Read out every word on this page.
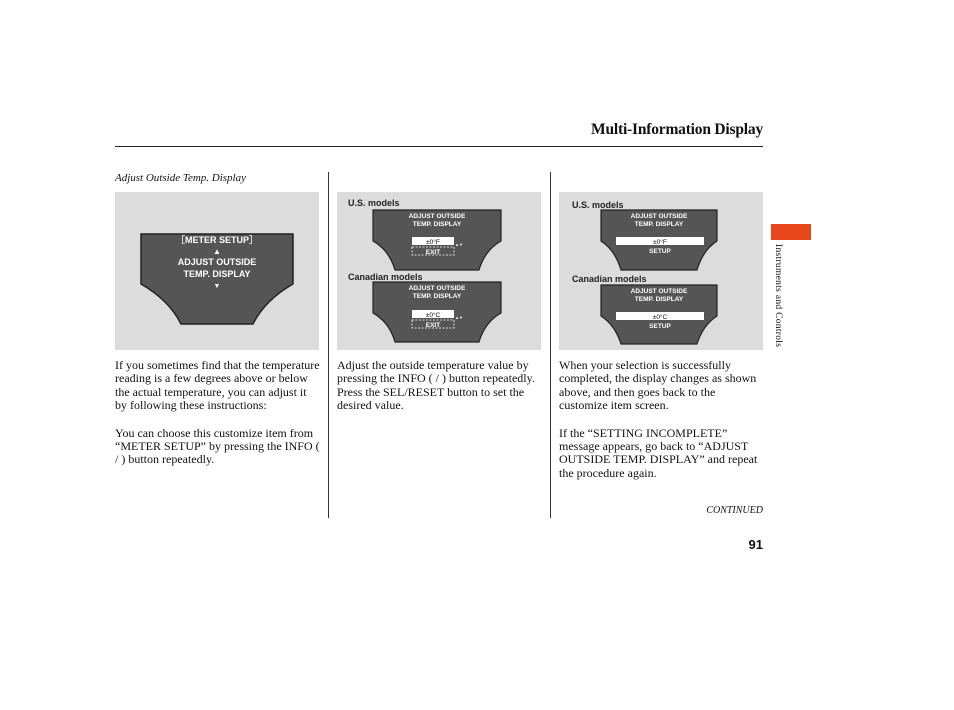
Multi-Information Display
Adjust Outside Temp. Display
［METER SETUP］
▲
ADJUST OUTSIDE
TEMP. DISPLAY
▼
U.S. models
Canadian models
ADJUST OUTSIDE
TEMP. DISPLAY
±0°F
EXIT
▲▼
ADJUST OUTSIDE
TEMP. DISPLAY
±0°C
EXIT
▲▼
U.S. models
Canadian models
ADJUST OUTSIDE
TEMP. DISPLAY
±0°F
SETUP
ADJUST OUTSIDE
TEMP. DISPLAY
±0°C
SETUP

If you sometimes find that the temperature reading is a few degrees above or below the actual temperature, you can adjust it by following these instructions:

You can choose this customize item from “METER SETUP” by pressing the INFO ( / ) button repeatedly.

Adjust the outside temperature value by pressing the INFO ( / ) button repeatedly. Press the SEL/RESET button to set the desired value.

When your selection is successfully completed, the display changes as shown above, and then goes back to the customize item screen.

If the “SETTING INCOMPLETE” message appears, go back to “ADJUST OUTSIDE TEMP. DISPLAY” and repeat the procedure again.

Instruments and Controls
CONTINUED
91
